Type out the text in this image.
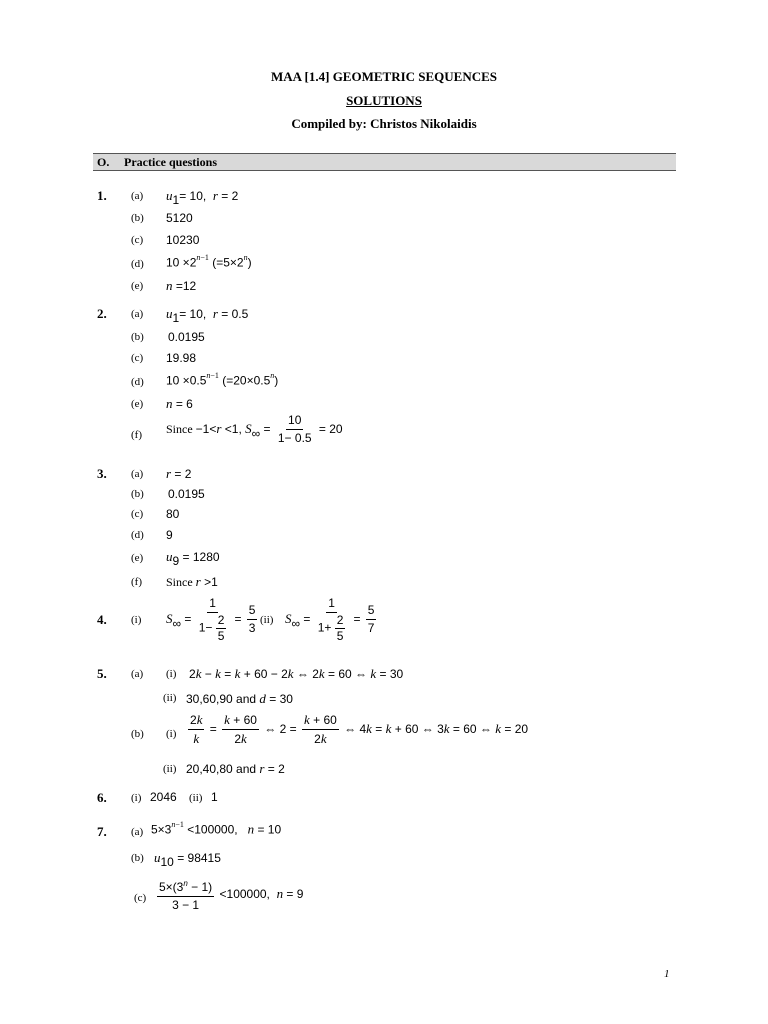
MAA [1.4] GEOMETRIC SEQUENCES
SOLUTIONS
Compiled by: Christos Nikolaidis
O. Practice questions
1. (a) $u_1= 10$,  r = 2
(b) 5120
(c) 10230
(d) $10 \times 2^{n-1}$ $(=5\times 2^n)$
(e) n =12
2. (a) $u_1= 10$,  r = 0.5
(b) 0.0195
(c) 19.98
(d) $10 \times 0.5^{n-1}$ $(=20\times 0.5^n)$
(e) n = 6
(f) Since −1<r <1, $S_\infty = \frac{10}{1- 0.5} = 20$
3. (a) r = 2
(b) 0.0195
(c) 80
(d) 9
(e) $u_9 = 1280$
(f) Since r >1
4. (i) $S_\infty = \frac{1}{1- \frac{2}{5}} = \frac{5}{3} (ii) S_\infty = \frac{1}{1+ \frac{2}{5}} = \frac{5}{7}$
5. (a) (i) 2k − k = k + 60 − 2k ⇔ 2k = 60 ⇔ k = 30
(ii) 30,60,90 and d = 30
(b) $(i) \frac{2k}{k} = \frac{k + 60}{2k}$ ⇔ $2 = \frac{k + 60}{2k}$ ⇔ 4k = k + 60 ⇔ 3k = 60 ⇔ k = 20
(ii) 20,40,80 and r = 2
6. (i) 2046 (ii) 1
7. (a) $5\times 3^{n-1} <100000$,   n = 10
(b) $u_{10} = 98415$
$(c) \frac{5\times(3^n - 1)}{3 - 1} <100000$,  n = 9
1
